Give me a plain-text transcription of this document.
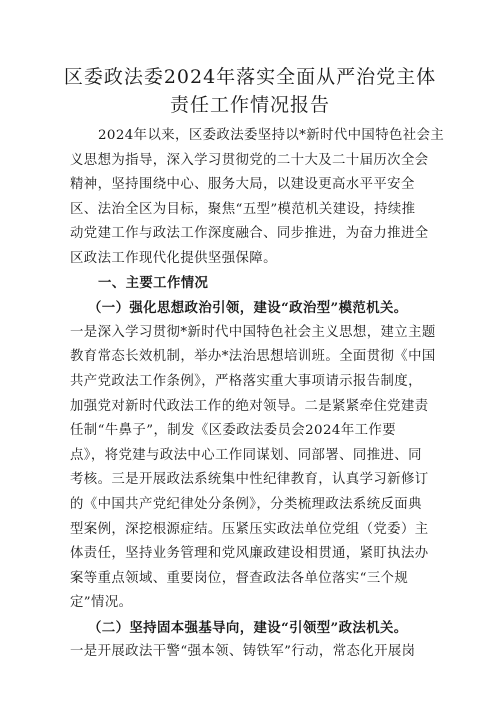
区委政法委2024年落实全面从严治党主体
责任工作情况报告
2024年以来，区委政法委坚持以*新时代中国特色社会主
义思想为指导，深入学习贯彻党的二十大及二十届历次全会
精神，坚持围绕中心、服务大局，以建设更高水平平安全
区、法治全区为目标，聚焦“五型”模范机关建设，持续推
动党建工作与政法工作深度融合、同步推进，为奋力推进全
区政法工作现代化提供坚强保障。
一、主要工作情况
（一）强化思想政治引领，建设“政治型”模范机关。
一是深入学习贯彻*新时代中国特色社会主义思想，建立主题
教育常态长效机制，举办*法治思想培训班。全面贯彻《中国
共产党政法工作条例》，严格落实重大事项请示报告制度，
加强党对新时代政法工作的绝对领导。二是紧紧牵住党建责
任制“牛鼻子”，制发《区委政法委员会2024年工作要
点》，将党建与政法中心工作同谋划、同部署、同推进、同
考核。三是开展政法系统集中性纪律教育，认真学习新修订
的《中国共产党纪律处分条例》，分类梳理政法系统反面典
型案例，深挖根源症结。压紧压实政法单位党组（党委）主
体责任，坚持业务管理和党风廉政建设相贯通，紧盯执法办
案等重点领域、重要岗位，督查政法各单位落实“三个规
定”情况。
（二）坚持固本强基导向，建设“引领型”政法机关。
一是开展政法干警“强本领、铸铁军”行动，常态化开展岗
